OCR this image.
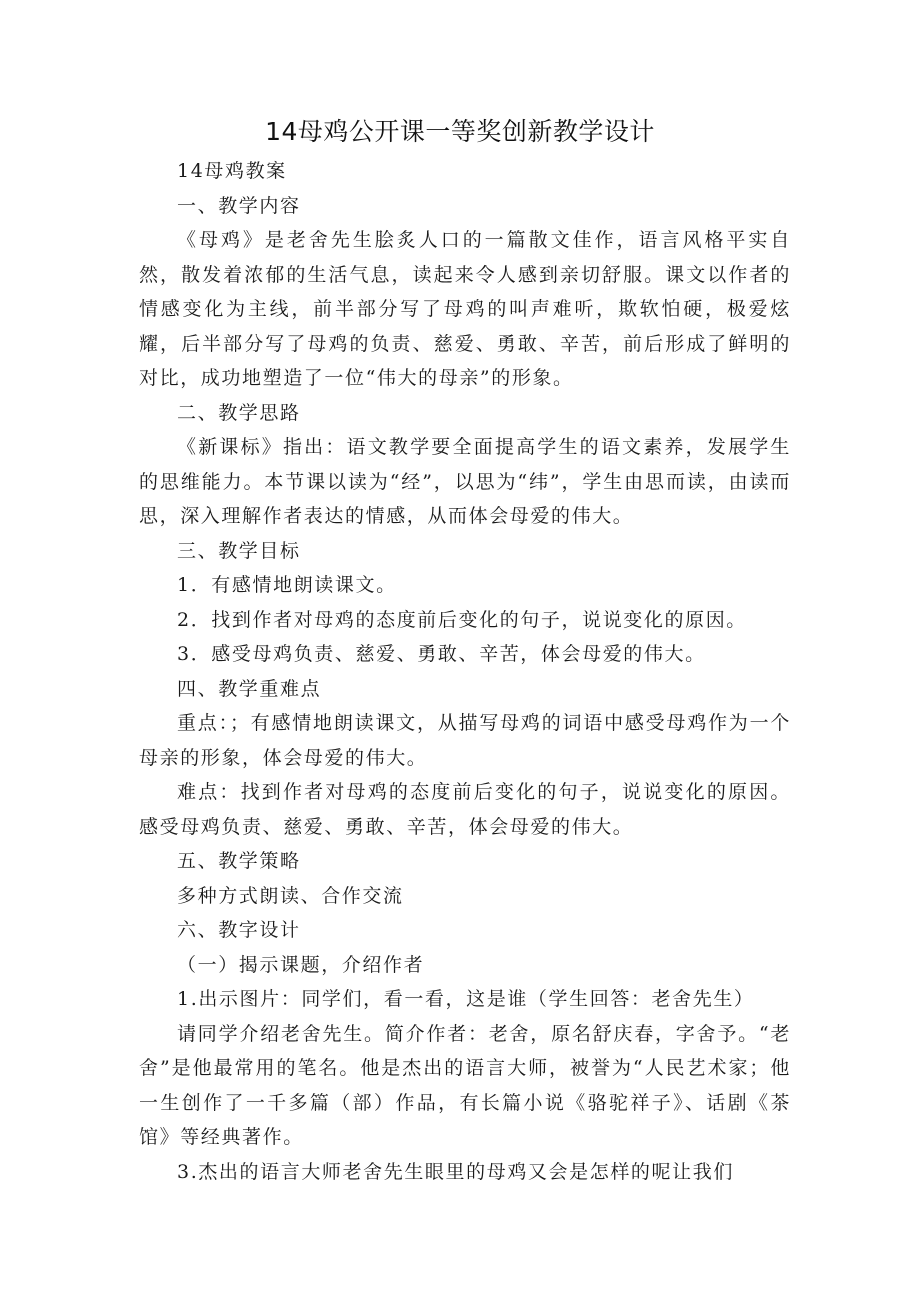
14母鸡公开课一等奖创新教学设计

14母鸡教案

一、教学内容

《母鸡》是老舍先生脍炙人口的一篇散文佳作，语言风格平实自然，散发着浓郁的生活气息，读起来令人感到亲切舒服。课文以作者的情感变化为主线，前半部分写了母鸡的叫声难听，欺软怕硬，极爱炫耀，后半部分写了母鸡的负责、慈爱、勇敢、辛苦，前后形成了鲜明的对比，成功地塑造了一位“伟大的母亲”的形象。

二、教学思路

《新课标》指出：语文教学要全面提高学生的语文素养，发展学生的思维能力。本节课以读为“经”，以思为“纬”，学生由思而读，由读而思，深入理解作者表达的情感，从而体会母爱的伟大。

三、教学目标

1．有感情地朗读课文。

2．找到作者对母鸡的态度前后变化的句子，说说变化的原因。

3．感受母鸡负责、慈爱、勇敢、辛苦，体会母爱的伟大。

四、教学重难点

重点：；有感情地朗读课文，从描写母鸡的词语中感受母鸡作为一个母亲的形象，体会母爱的伟大。

难点：找到作者对母鸡的态度前后变化的句子，说说变化的原因。感受母鸡负责、慈爱、勇敢、辛苦，体会母爱的伟大。

五、教学策略

多种方式朗读、合作交流

六、教字设计

（一）揭示课题，介绍作者

1.出示图片：同学们，看一看，这是谁（学生回答：老舍先生）

请同学介绍老舍先生。简介作者：老舍，原名舒庆春，字舍予。“老舍”是他最常用的笔名。他是杰出的语言大师，被誉为“人民艺术家；他一生创作了一千多篇（部）作品，有长篇小说《骆驼祥子》、话剧《茶馆》等经典著作。

3.杰出的语言大师老舍先生眼里的母鸡又会是怎样的呢让我们
